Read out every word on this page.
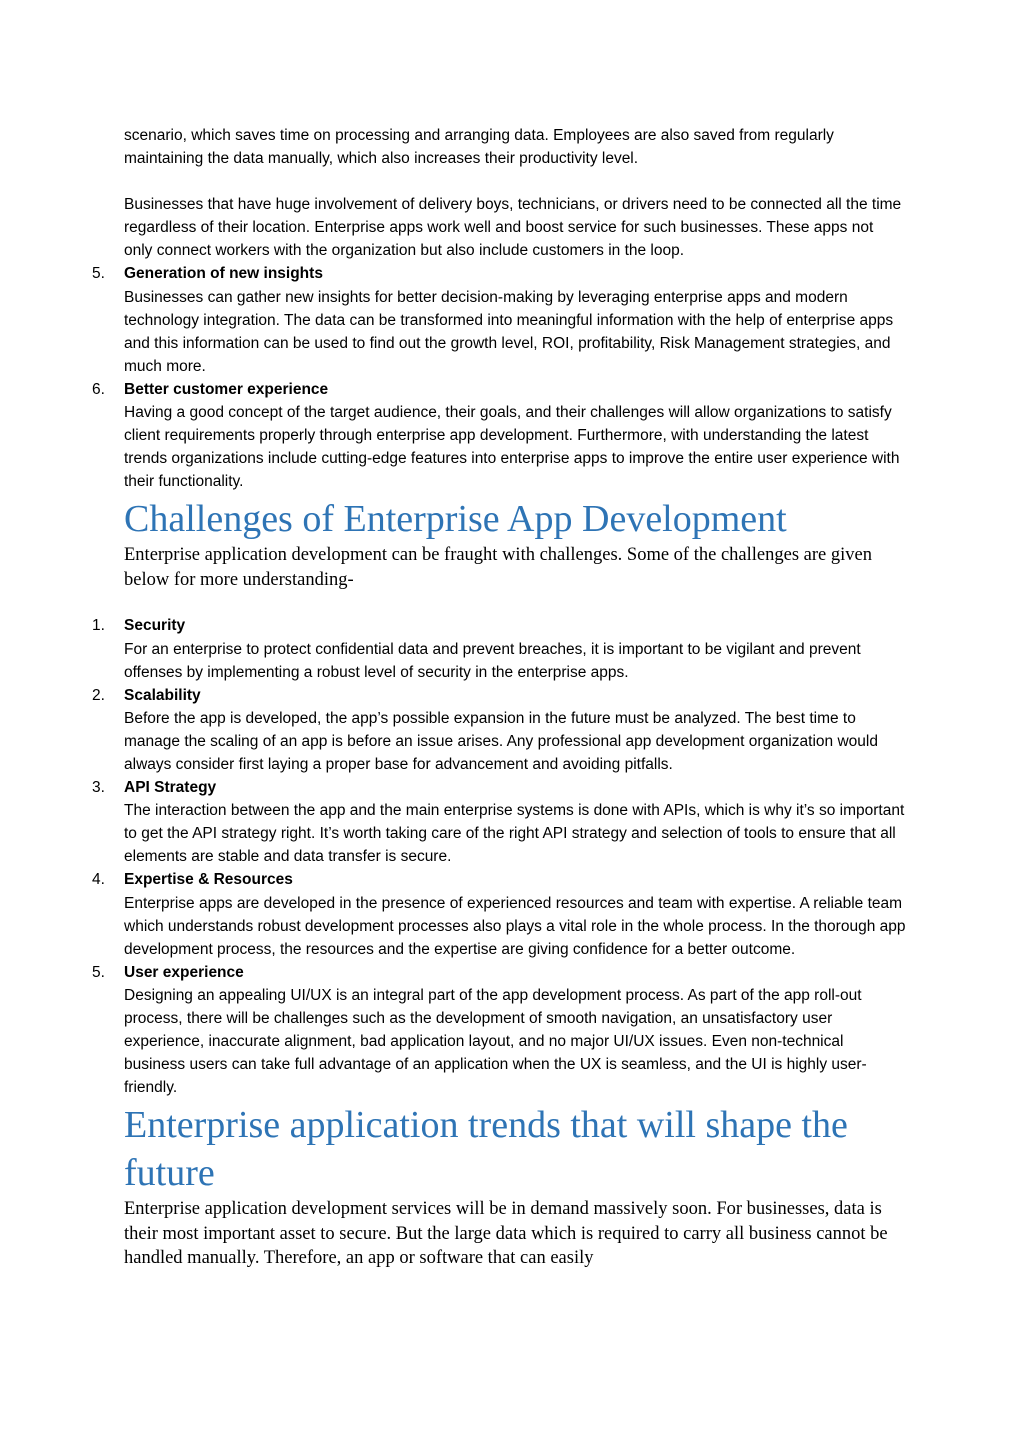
scenario, which saves time on processing and arranging data. Employees are also saved from regularly maintaining the data manually, which also increases their productivity level.

Businesses that have huge involvement of delivery boys, technicians, or drivers need to be connected all the time regardless of their location. Enterprise apps work well and boost service for such businesses. These apps not only connect workers with the organization but also include customers in the loop.

5. Generation of new insights

Businesses can gather new insights for better decision-making by leveraging enterprise apps and modern technology integration. The data can be transformed into meaningful information with the help of enterprise apps and this information can be used to find out the growth level, ROI, profitability, Risk Management strategies, and much more.

6. Better customer experience

Having a good concept of the target audience, their goals, and their challenges will allow organizations to satisfy client requirements properly through enterprise app development. Furthermore, with understanding the latest trends organizations include cutting-edge features into enterprise apps to improve the entire user experience with their functionality.

Challenges of Enterprise App Development

Enterprise application development can be fraught with challenges. Some of the challenges are given below for more understanding-

1. Security

For an enterprise to protect confidential data and prevent breaches, it is important to be vigilant and prevent offenses by implementing a robust level of security in the enterprise apps.

2. Scalability

Before the app is developed, the app’s possible expansion in the future must be analyzed. The best time to manage the scaling of an app is before an issue arises. Any professional app development organization would always consider first laying a proper base for advancement and avoiding pitfalls.

3. API Strategy

The interaction between the app and the main enterprise systems is done with APIs, which is why it’s so important to get the API strategy right. It’s worth taking care of the right API strategy and selection of tools to ensure that all elements are stable and data transfer is secure.

4. Expertise & Resources

Enterprise apps are developed in the presence of experienced resources and team with expertise. A reliable team which understands robust development processes also plays a vital role in the whole process. In the thorough app development process, the resources and the expertise are giving confidence for a better outcome.

5. User experience

Designing an appealing UI/UX is an integral part of the app development process. As part of the app roll-out process, there will be challenges such as the development of smooth navigation, an unsatisfactory user experience, inaccurate alignment, bad application layout, and no major UI/UX issues. Even non-technical business users can take full advantage of an application when the UX is seamless, and the UI is highly user-friendly.

Enterprise application trends that will shape the future

Enterprise application development services will be in demand massively soon. For businesses, data is their most important asset to secure. But the large data which is required to carry all business cannot be handled manually. Therefore, an app or software that can easily
